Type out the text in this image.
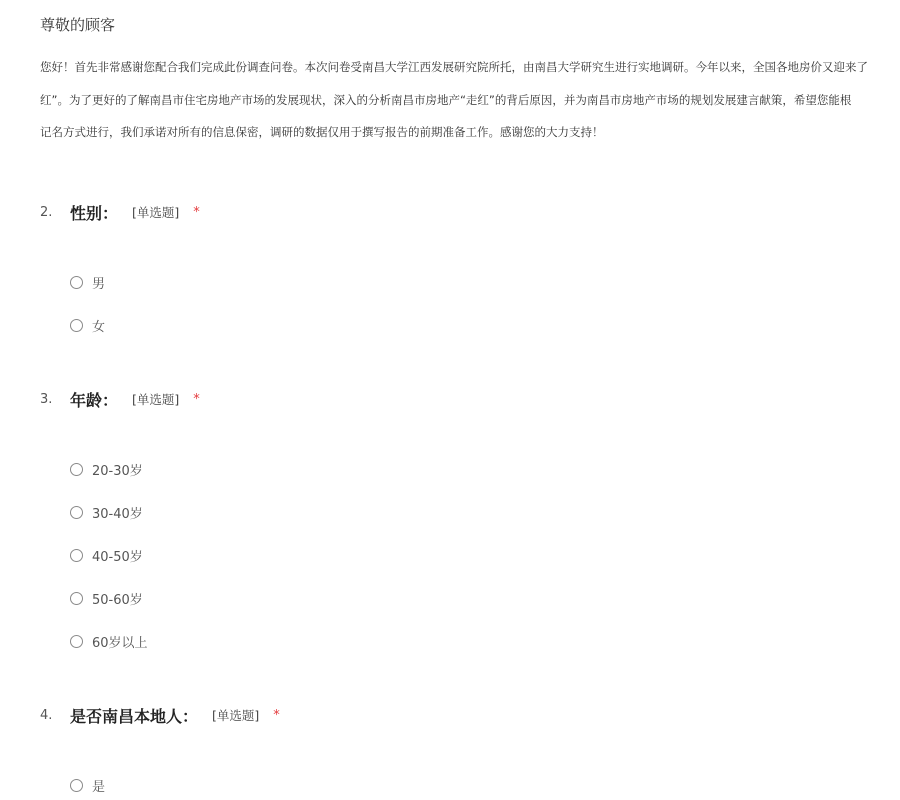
尊敬的顾客
您好！首先非常感谢您配合我们完成此份调查问卷。本次问卷受南昌大学江西发展研究院所托，由南昌大学研究生进行实地调研。今年以来，全国各地房价又迎来了
红”。为了更好的了解南昌市住宅房地产市场的发展现状，深入的分析南昌市房地产“走红”的背后原因，并为南昌市房地产市场的规划发展建言献策，希望您能根
记名方式进行，我们承诺对所有的信息保密，调研的数据仅用于撰写报告的前期准备工作。感谢您的大力支持！
2.	性别： [单选题] *
男
女
3.	年龄： [单选题] *
20-30岁
30-40岁
40-50岁
50-60岁
60岁以上
4.	是否南昌本地人： [单选题] *
是
